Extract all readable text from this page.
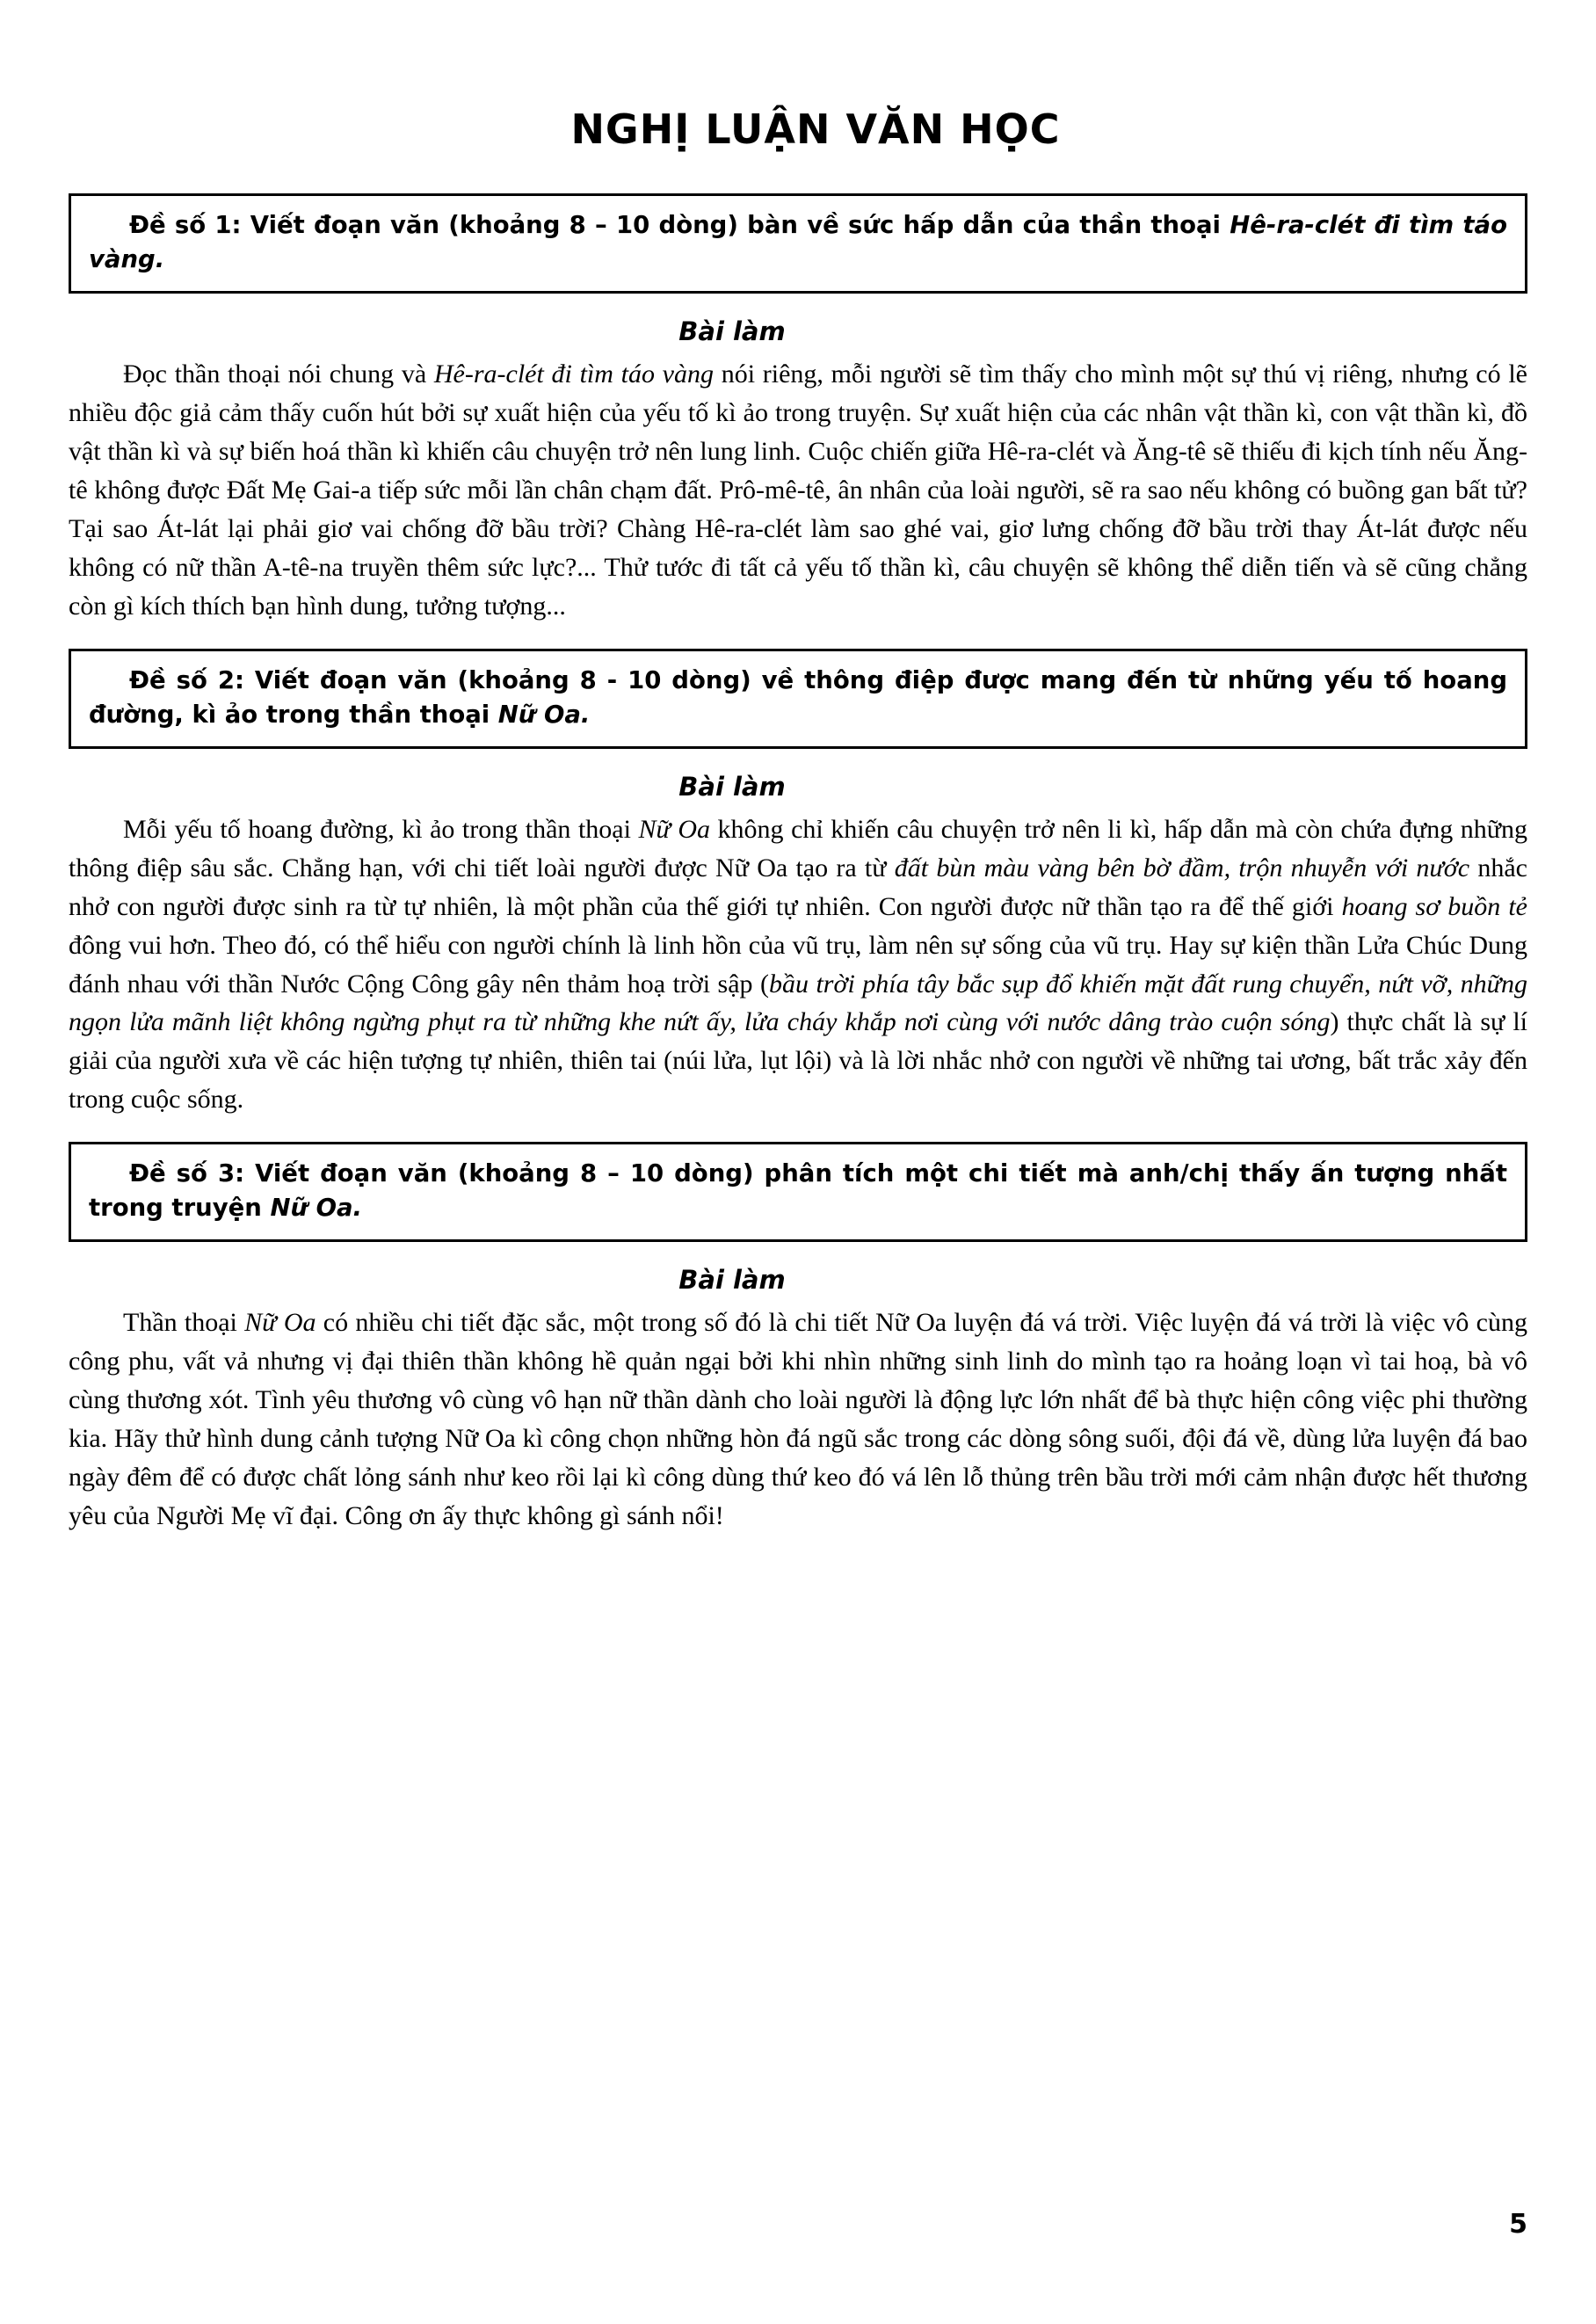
NGHỊ LUẬN VĂN HỌC
Đề số 1: Viết đoạn văn (khoảng 8 – 10 dòng) bàn về sức hấp dẫn của thần thoại Hê-ra-clét đi tìm táo vàng.
Bài làm

Đọc thần thoại nói chung và Hê-ra-clét đi tìm táo vàng nói riêng, mỗi người sẽ tìm thấy cho mình một sự thú vị riêng, nhưng có lẽ nhiều độc giả cảm thấy cuốn hút bởi sự xuất hiện của yếu tố kì ảo trong truyện. Sự xuất hiện của các nhân vật thần kì, con vật thần kì, đồ vật thần kì và sự biến hoá thần kì khiến câu chuyện trở nên lung linh. Cuộc chiến giữa Hê-ra-clét và Ăng-tê sẽ thiếu đi kịch tính nếu Ăng-tê không được Đất Mẹ Gai-a tiếp sức mỗi lần chân chạm đất. Prô-mê-tê, ân nhân của loài người, sẽ ra sao nếu không có buồng gan bất tử? Tại sao Át-lát lại phải giơ vai chống đỡ bầu trời? Chàng Hê-ra-clét làm sao ghé vai, giơ lưng chống đỡ bầu trời thay Át-lát được nếu không có nữ thần A-tê-na truyền thêm sức lực?... Thử tước đi tất cả yếu tố thần kì, câu chuyện sẽ không thể diễn tiến và sẽ cũng chẳng còn gì kích thích bạn hình dung, tưởng tượng...

Đề số 2: Viết đoạn văn (khoảng 8 - 10 dòng) về thông điệp được mang đến từ những yếu tố hoang đường, kì ảo trong thần thoại Nữ Oa.
Bài làm

Mỗi yếu tố hoang đường, kì ảo trong thần thoại Nữ Oa không chỉ khiến câu chuyện trở nên li kì, hấp dẫn mà còn chứa đựng những thông điệp sâu sắc. Chẳng hạn, với chi tiết loài người được Nữ Oa tạo ra từ đất bùn màu vàng bên bờ đầm, trộn nhuyễn với nước nhắc nhở con người được sinh ra từ tự nhiên, là một phần của thế giới tự nhiên. Con người được nữ thần tạo ra để thế giới hoang sơ buồn tẻ đông vui hơn. Theo đó, có thể hiểu con người chính là linh hồn của vũ trụ, làm nên sự sống của vũ trụ. Hay sự kiện thần Lửa Chúc Dung đánh nhau với thần Nước Cộng Công gây nên thảm hoạ trời sập (bầu trời phía tây bắc sụp đổ khiến mặt đất rung chuyển, nứt vỡ, những ngọn lửa mãnh liệt không ngừng phụt ra từ những khe nứt ấy, lửa cháy khắp nơi cùng với nước dâng trào cuộn sóng) thực chất là sự lí giải của người xưa về các hiện tượng tự nhiên, thiên tai (núi lửa, lụt lội) và là lời nhắc nhở con người về những tai ương, bất trắc xảy đến trong cuộc sống.

Đề số 3: Viết đoạn văn (khoảng 8 – 10 dòng) phân tích một chi tiết mà anh/chị thấy ấn tượng nhất trong truyện Nữ Oa.
Bài làm

Thần thoại Nữ Oa có nhiều chi tiết đặc sắc, một trong số đó là chi tiết Nữ Oa luyện đá vá trời. Việc luyện đá vá trời là việc vô cùng công phu, vất vả nhưng vị đại thiên thần không hề quản ngại bởi khi nhìn những sinh linh do mình tạo ra hoảng loạn vì tai hoạ, bà vô cùng thương xót. Tình yêu thương vô cùng vô hạn nữ thần dành cho loài người là động lực lớn nhất để bà thực hiện công việc phi thường kia. Hãy thử hình dung cảnh tượng Nữ Oa kì công chọn những hòn đá ngũ sắc trong các dòng sông suối, đội đá về, dùng lửa luyện đá bao ngày đêm để có được chất lỏng sánh như keo rồi lại kì công dùng thứ keo đó vá lên lỗ thủng trên bầu trời mới cảm nhận được hết thương yêu của Người Mẹ vĩ đại. Công ơn ấy thực không gì sánh nổi!

5
